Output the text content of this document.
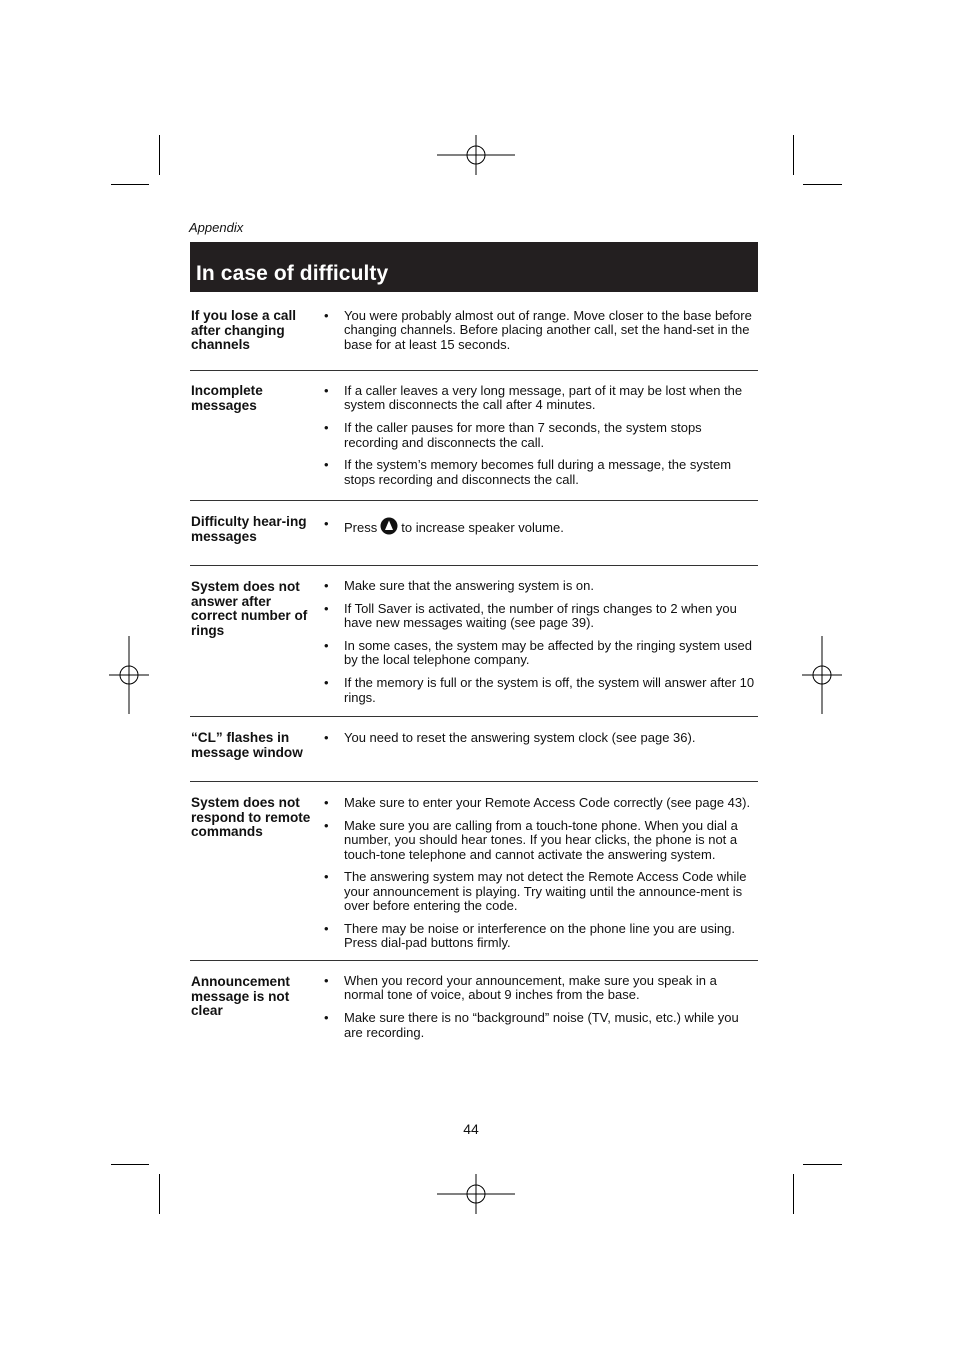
Appendix
In case of difficulty
If you lose a call after changing channels
• You were probably almost out of range. Move closer to the base before changing channels. Before placing another call, set the hand-set in the base for at least 15 seconds.
Incomplete messages
• If a caller leaves a very long message, part of it may be lost when the system disconnects the call after 4 minutes.
• If the caller pauses for more than 7 seconds, the system stops recording and disconnects the call.
• If the system’s memory becomes full during a message, the system stops recording and disconnects the call.
Difficulty hear-ing messages
• Press to increase speaker volume.
System does not answer after correct number of rings
• Make sure that the answering system is on.
• If Toll Saver is activated, the number of rings changes to 2 when you have new messages waiting (see page 39).
• In some cases, the system may be affected by the ringing system used by the local telephone company.
• If the memory is full or the system is off, the system will answer after 10 rings.
“CL” flashes in message window
• You need to reset the answering system clock (see page 36).
System does not respond to remote commands
• Make sure to enter your Remote Access Code correctly (see page 43).
• Make sure you are calling from a touch-tone phone. When you dial a number, you should hear tones. If you hear clicks, the phone is not a touch-tone telephone and cannot activate the answering system.
• The answering system may not detect the Remote Access Code while your announcement is playing. Try waiting until the announce-ment is over before entering the code.
• There may be noise or interference on the phone line you are using. Press dial-pad buttons firmly.
Announcement message is not clear
• When you record your announcement, make sure you speak in a normal tone of voice, about 9 inches from the base.
• Make sure there is no “background” noise (TV, music, etc.) while you are recording.
44
